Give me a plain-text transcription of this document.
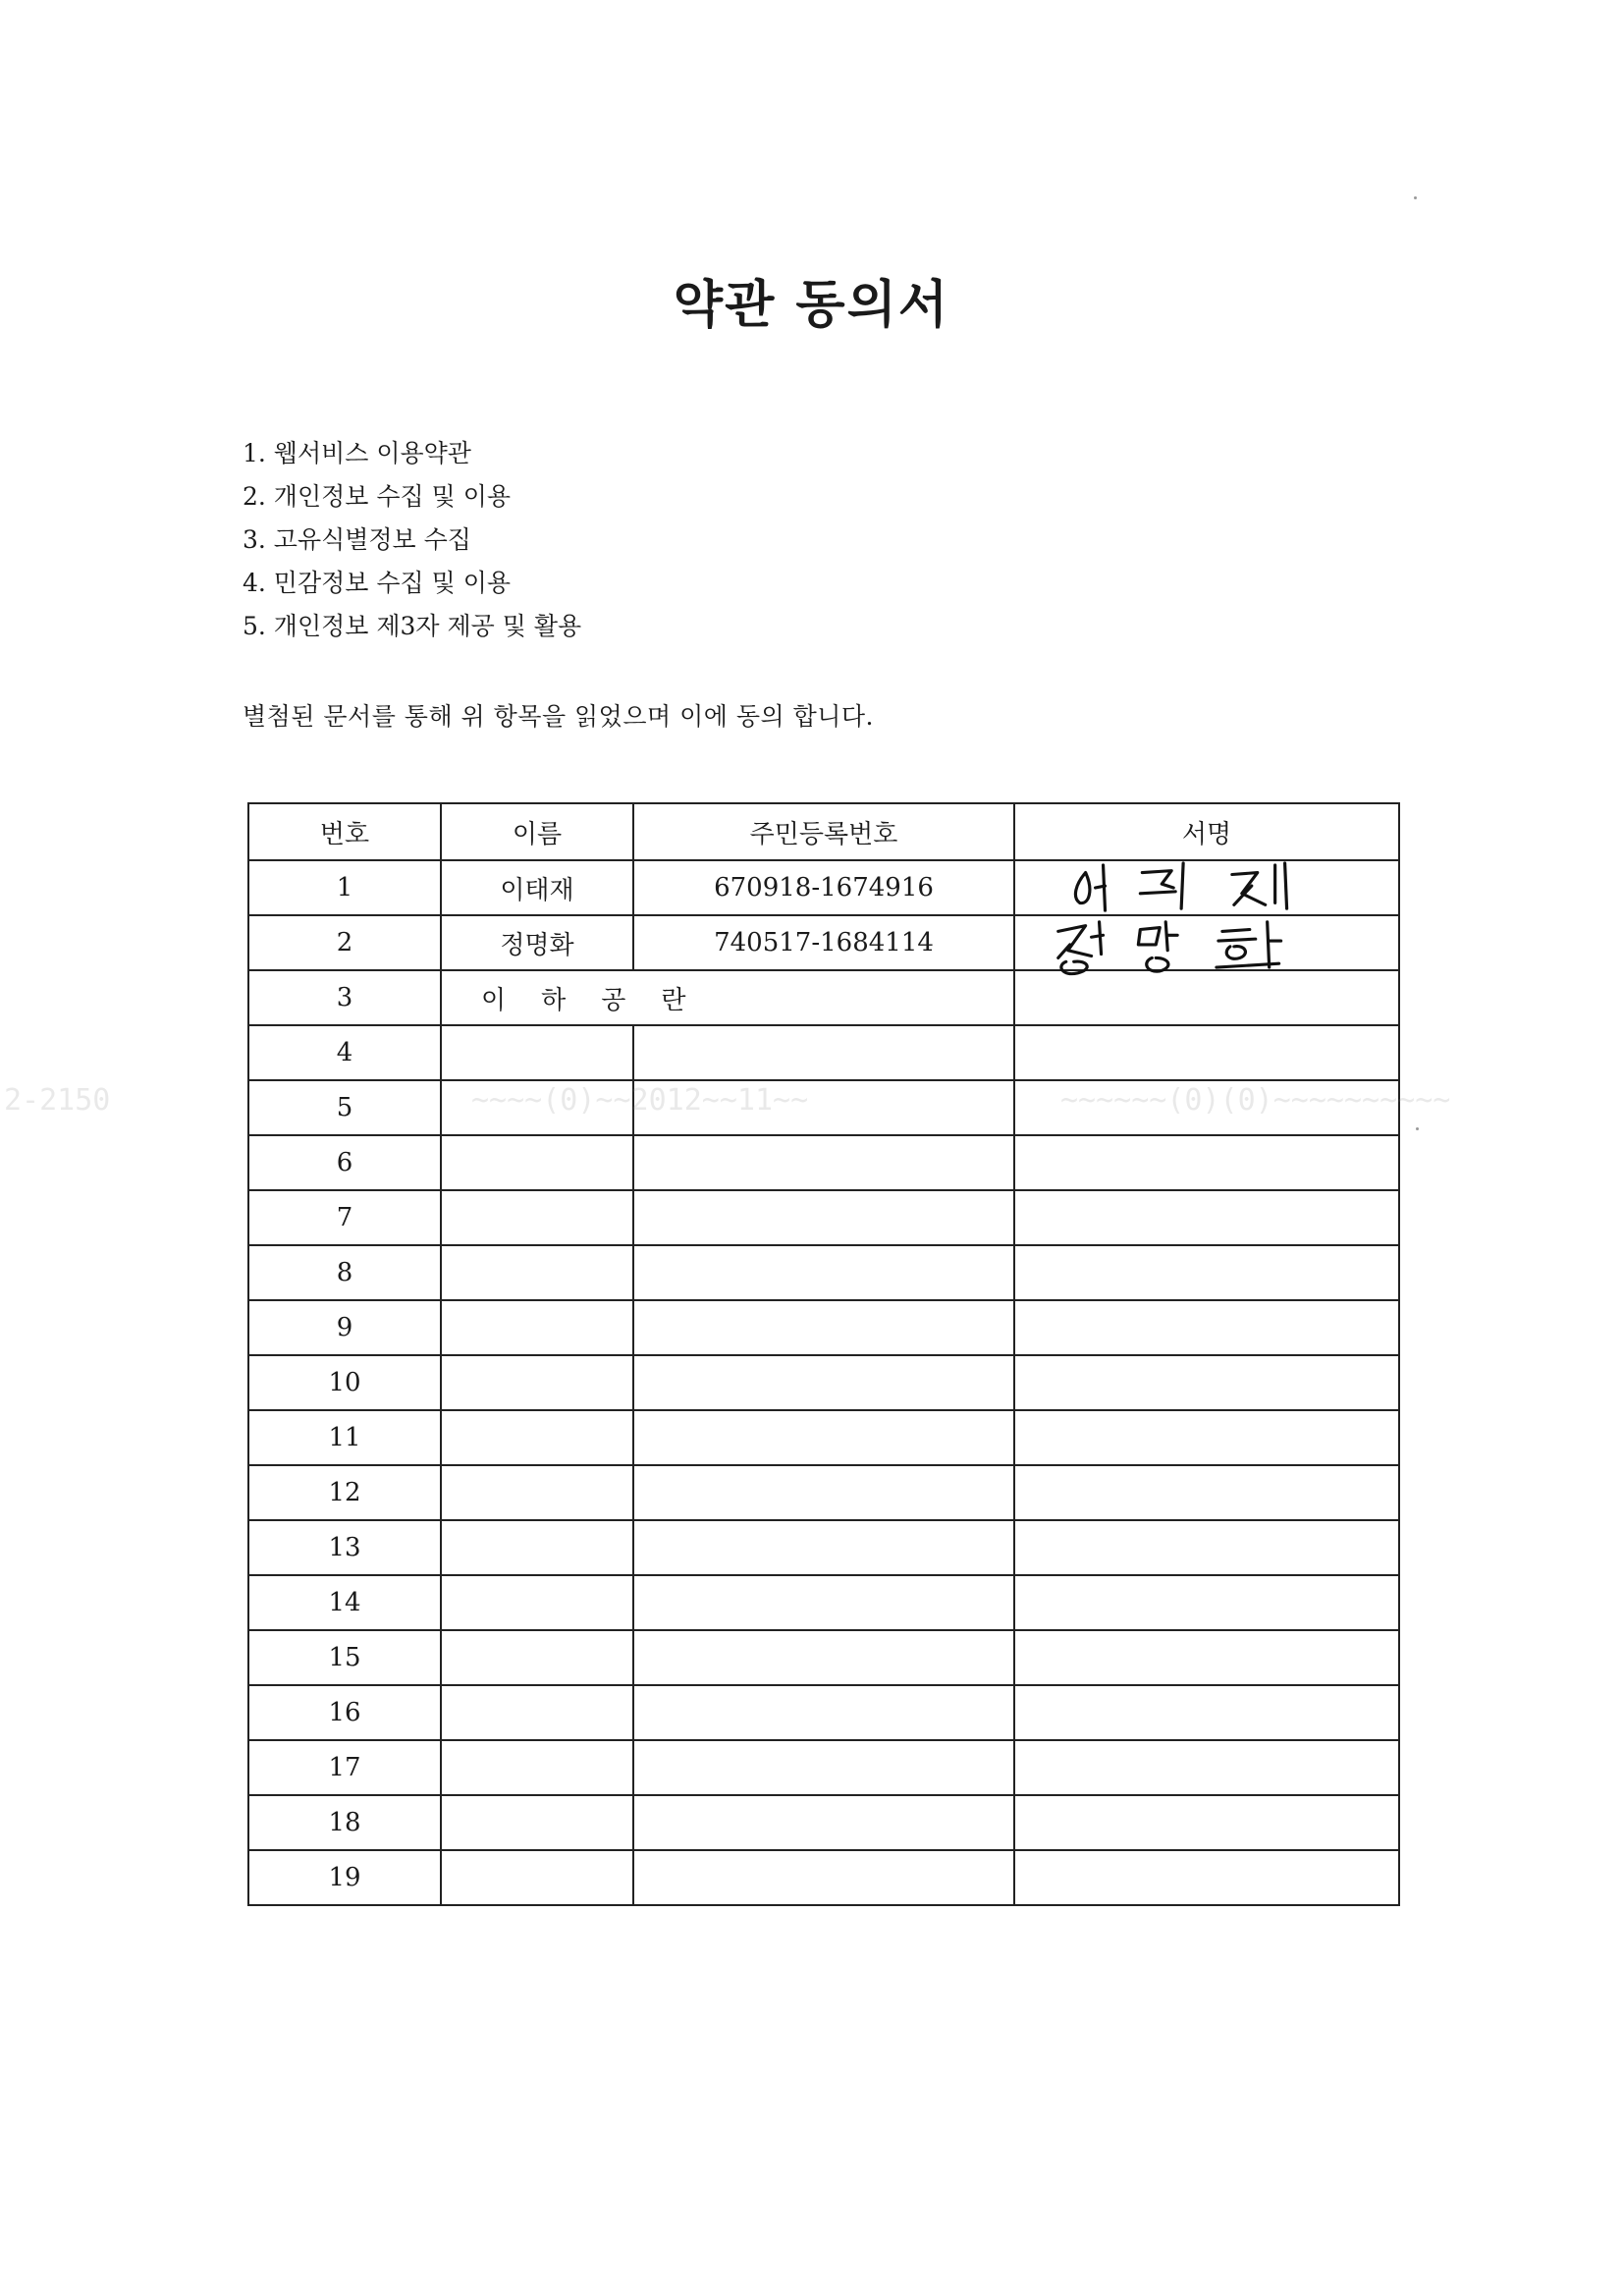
약관 동의서
1. 웹서비스 이용약관
2. 개인정보 수집 및 이용
3. 고유식별정보 수집
4. 민감정보 수집 및 이용
5. 개인정보 제3자 제공 및 활용
별첨된 문서를 통해 위 항목을 읽었으며 이에 동의 합니다.
번호	이름	주민등록번호	서명
1	이태재	670918-1674916	

2	정명화	740517-1684114	

3	이하공란		
4			
5			
6			
7			
8			
9			
10			
11			
12			
13			
14			
15			
16			
17			
18			
19			
2-2150	~~~~(0)~~2012~~11~~	~~~~~~(0)(0)~~~~~~~~~~
